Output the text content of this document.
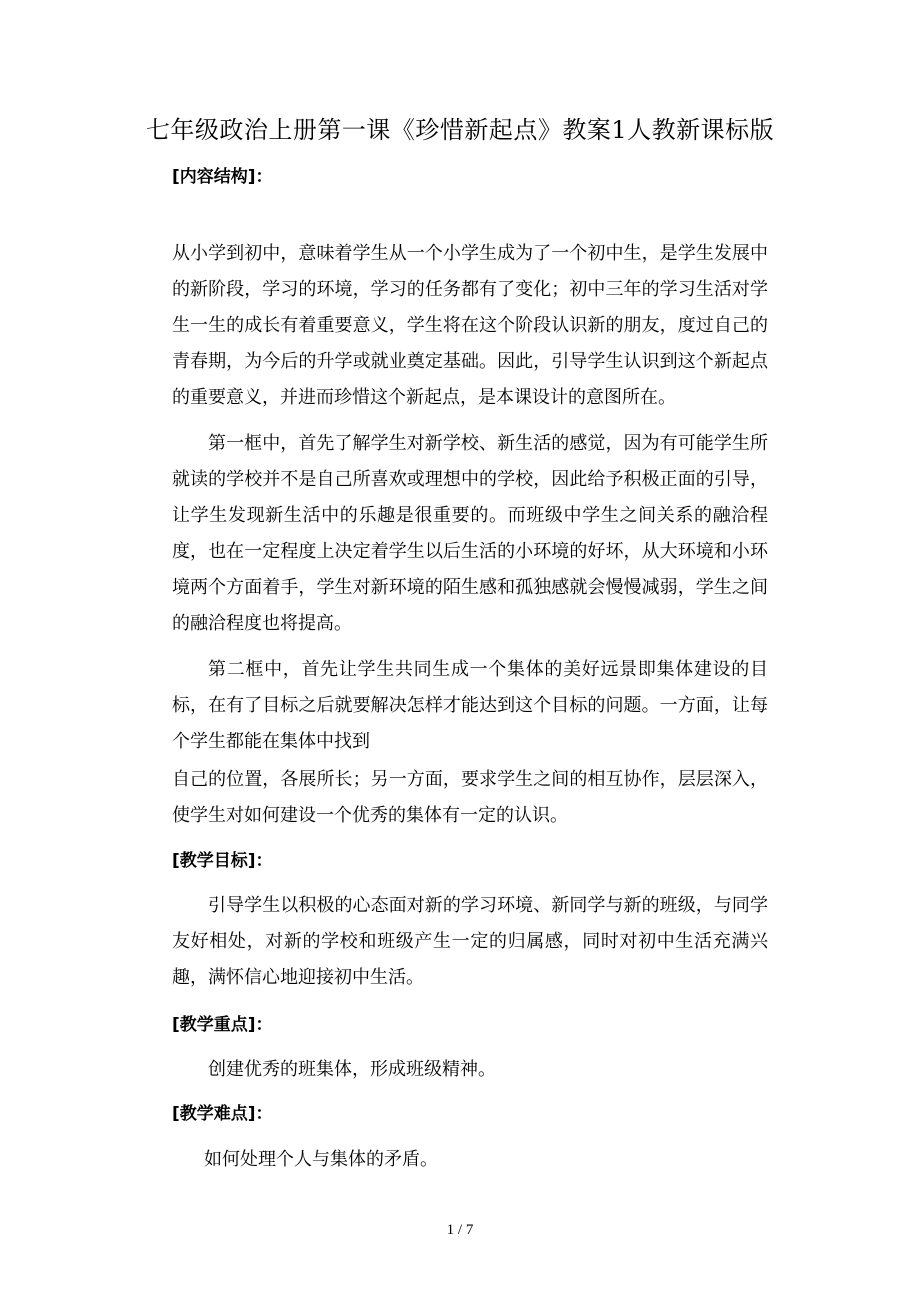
七年级政治上册第一课《珍惜新起点》教案1人教新课标版
[内容结构]：

从小学到初中，意味着学生从一个小学生成为了一个初中生，是学生发展中的新阶段，学习的环境，学习的任务都有了变化；初中三年的学习生活对学生一生的成长有着重要意义，学生将在这个阶段认识新的朋友，度过自己的青春期，为今后的升学或就业奠定基础。因此，引导学生认识到这个新起点的重要意义，并进而珍惜这个新起点，是本课设计的意图所在。

第一框中，首先了解学生对新学校、新生活的感觉，因为有可能学生所就读的学校并不是自己所喜欢或理想中的学校，因此给予积极正面的引导，让学生发现新生活中的乐趣是很重要的。而班级中学生之间关系的融洽程度，也在一定程度上决定着学生以后生活的小环境的好坏，从大环境和小环境两个方面着手，学生对新环境的陌生感和孤独感就会慢慢减弱，学生之间的融洽程度也将提高。

第二框中，首先让学生共同生成一个集体的美好远景即集体建设的目标，在有了目标之后就要解决怎样才能达到这个目标的问题。一方面，让每个学生都能在集体中找到

自己的位置，各展所长；另一方面，要求学生之间的相互协作，层层深入，使学生对如何建设一个优秀的集体有一定的认识。

[教学目标]：

引导学生以积极的心态面对新的学习环境、新同学与新的班级，与同学友好相处，对新的学校和班级产生一定的归属感，同时对初中生活充满兴趣，满怀信心地迎接初中生活。

[教学重点]：
创建优秀的班集体，形成班级精神。
[教学难点]：
如何处理个人与集体的矛盾。
1 / 7
